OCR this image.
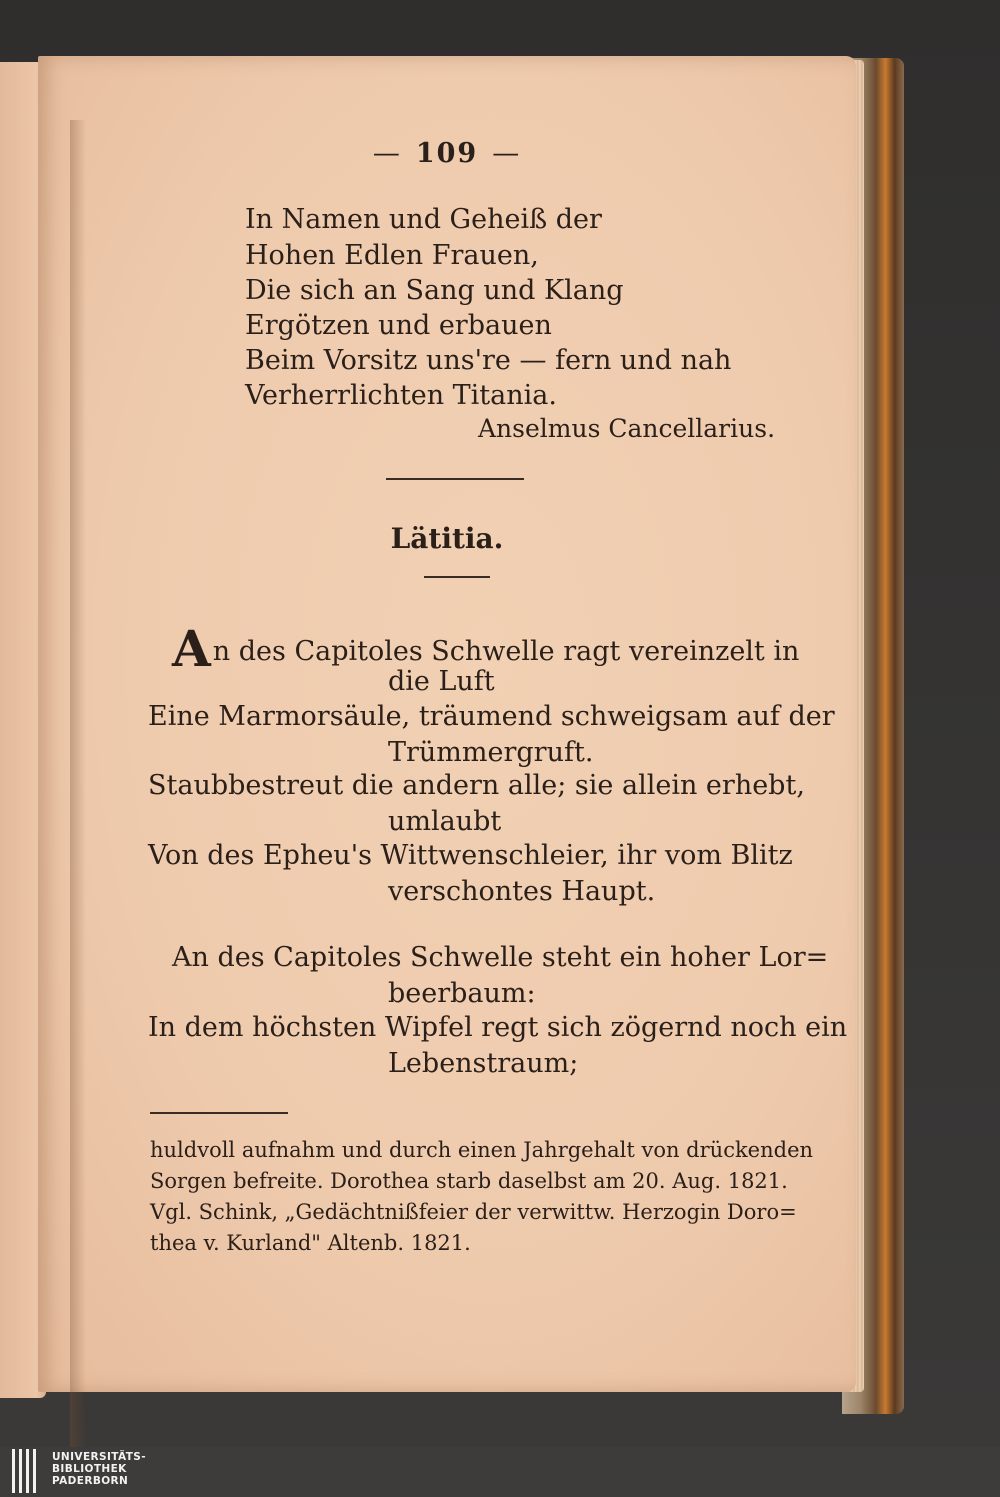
— 109 —
In Namen und Geheiß der
Hohen Edlen Frauen,
Die sich an Sang und Klang
Ergötzen und erbauen
Beim Vorsitz uns're — fern und nah
Verherrlichten Titania.
Anselmus Cancellarius.
Lätitia.
An des Capitoles Schwelle ragt vereinzelt in
die Luft
Eine Marmorsäule, träumend schweigsam auf der
Trümmergruft.
Staubbestreut die andern alle; sie allein erhebt,
umlaubt
Von des Epheu's Wittwenschleier, ihr vom Blitz
verschontes Haupt.
An des Capitoles Schwelle steht ein hoher Lor=
beerbaum:
In dem höchsten Wipfel regt sich zögernd noch ein
Lebenstraum;
huldvoll aufnahm und durch einen Jahrgehalt von drückenden
Sorgen befreite. Dorothea starb daselbst am 20. Aug. 1821.
Vgl. Schink, „Gedächtnißfeier der verwittw. Herzogin Doro=
thea v. Kurland" Altenb. 1821.
UNIVERSITÄTS-
BIBLIOTHEK
PADERBORN
